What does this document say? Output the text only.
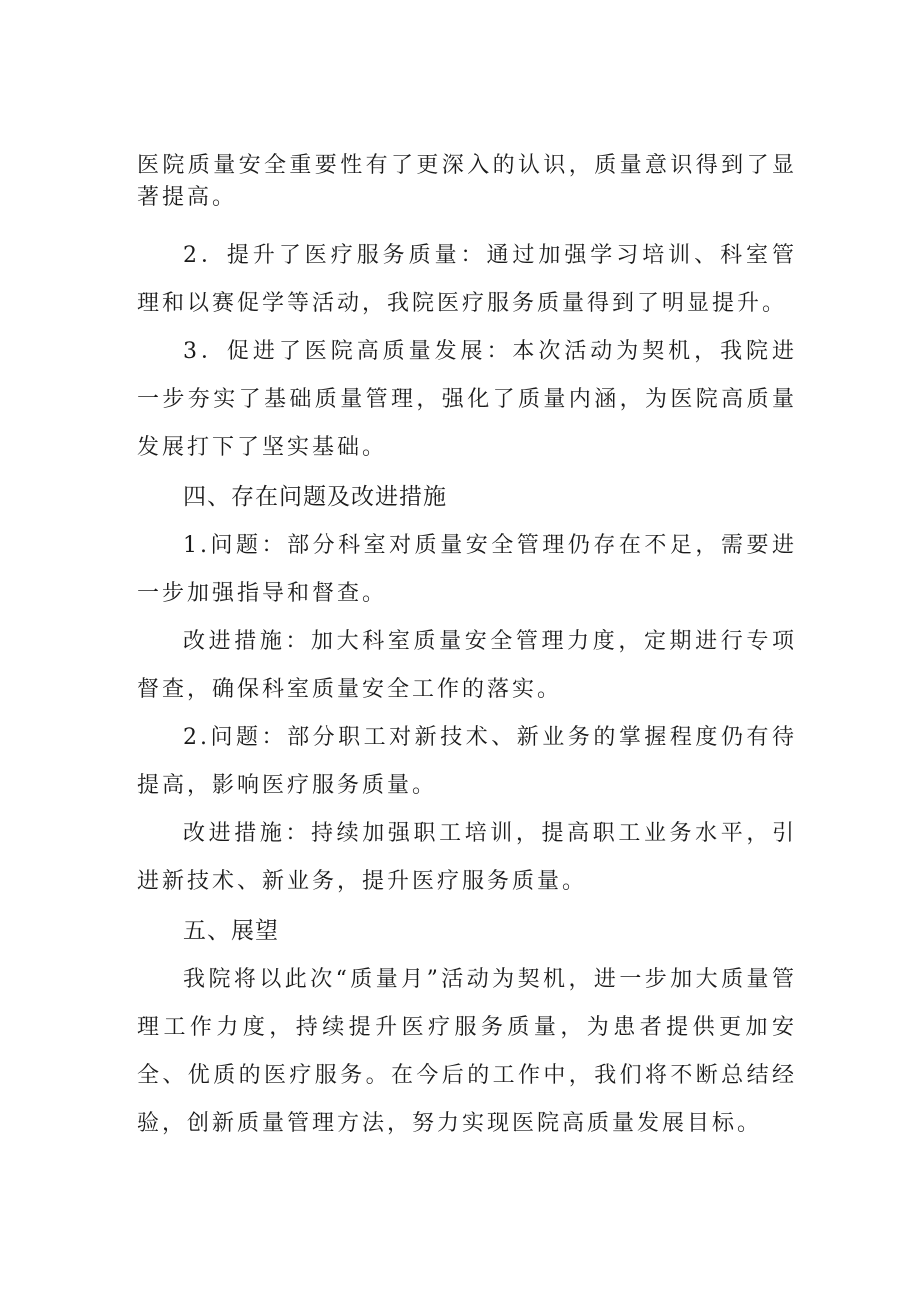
医院质量安全重要性有了更深入的认识，质量意识得到了显著提高。

2．提升了医疗服务质量：通过加强学习培训、科室管理和以赛促学等活动，我院医疗服务质量得到了明显提升。

3．促进了医院高质量发展：本次活动为契机，我院进一步夯实了基础质量管理，强化了质量内涵，为医院高质量发展打下了坚实基础。

四、存在问题及改进措施

1.问题：部分科室对质量安全管理仍存在不足，需要进一步加强指导和督查。

改进措施：加大科室质量安全管理力度，定期进行专项督查，确保科室质量安全工作的落实。

2.问题：部分职工对新技术、新业务的掌握程度仍有待提高，影响医疗服务质量。

改进措施：持续加强职工培训，提高职工业务水平，引进新技术、新业务，提升医疗服务质量。

五、展望

我院将以此次“质量月”活动为契机，进一步加大质量管理工作力度，持续提升医疗服务质量，为患者提供更加安全、优质的医疗服务。在今后的工作中，我们将不断总结经验，创新质量管理方法，努力实现医院高质量发展目标。
